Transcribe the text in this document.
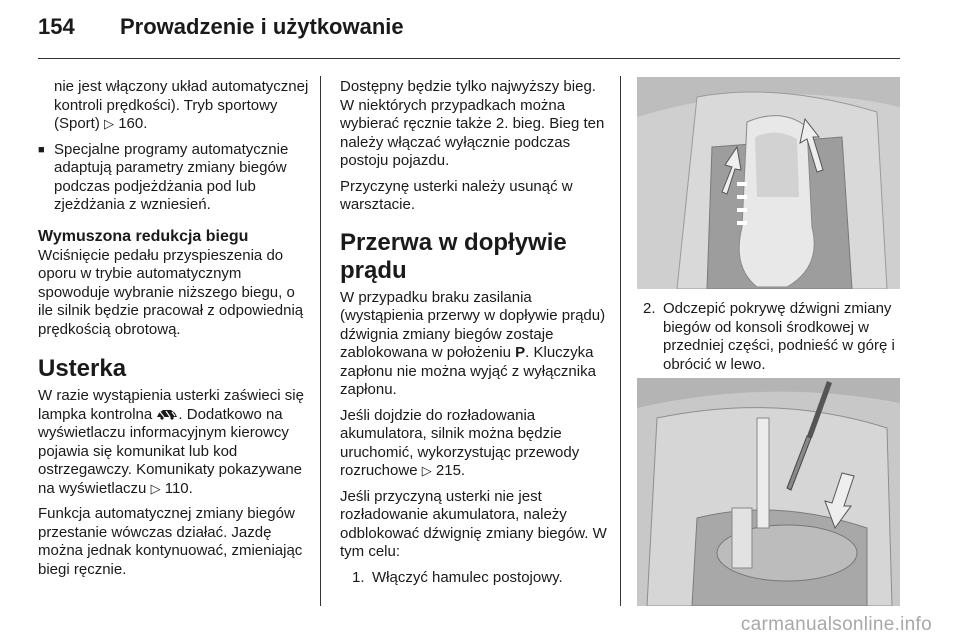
154	Prowadzenie i użytkowanie

nie jest włączony układ automatycznej kontroli prędkości). Tryb sportowy (Sport) ▷ 160.

■ Specjalne programy automatycznie adaptują parametry zmiany biegów podczas podjeżdżania pod lub zjeżdżania z wzniesień.
Wymuszona redukcja biegu

Wciśnięcie pedału przyspieszenia do oporu w trybie automatycznym spowoduje wybranie niższego biegu, o ile silnik będzie pracował z odpowiednią prędkością obrotową.

Usterka

W razie wystąpienia usterki zaświeci się lampka kontrolna . Dodatkowo na wyświetlaczu informacyjnym kierowcy pojawia się komunikat lub kod ostrzegawczy. Komunikaty pokazywane na wyświetlaczu ▷ 110.

Funkcja automatycznej zmiany biegów przestanie wówczas działać. Jazdę można jednak kontynuować, zmieniając biegi ręcznie.

Dostępny będzie tylko najwyższy bieg. W niektórych przypadkach można wybierać ręcznie także 2. bieg. Bieg ten należy włączać wyłącznie podczas postoju pojazdu.

Przyczynę usterki należy usunąć w warsztacie.

Przerwa w dopływie prądu

W przypadku braku zasilania (wystąpienia przerwy w dopływie prądu) dźwignia zmiany biegów zostaje zablokowana w położeniu P. Kluczyka zapłonu nie można wyjąć z wyłącznika zapłonu.

Jeśli dojdzie do rozładowania akumulatora, silnik można będzie uruchomić, wykorzystując przewody rozruchowe ▷ 215.

Jeśli przyczyną usterki nie jest rozładowanie akumulatora, należy odblokować dźwignię zmiany biegów. W tym celu:

1. Włączyć hamulec postojowy.
2. Odczepić pokrywę dźwigni zmiany biegów od konsoli środkowej w przedniej części, podnieść w górę i obrócić w lewo.
carmanualsonline.info
